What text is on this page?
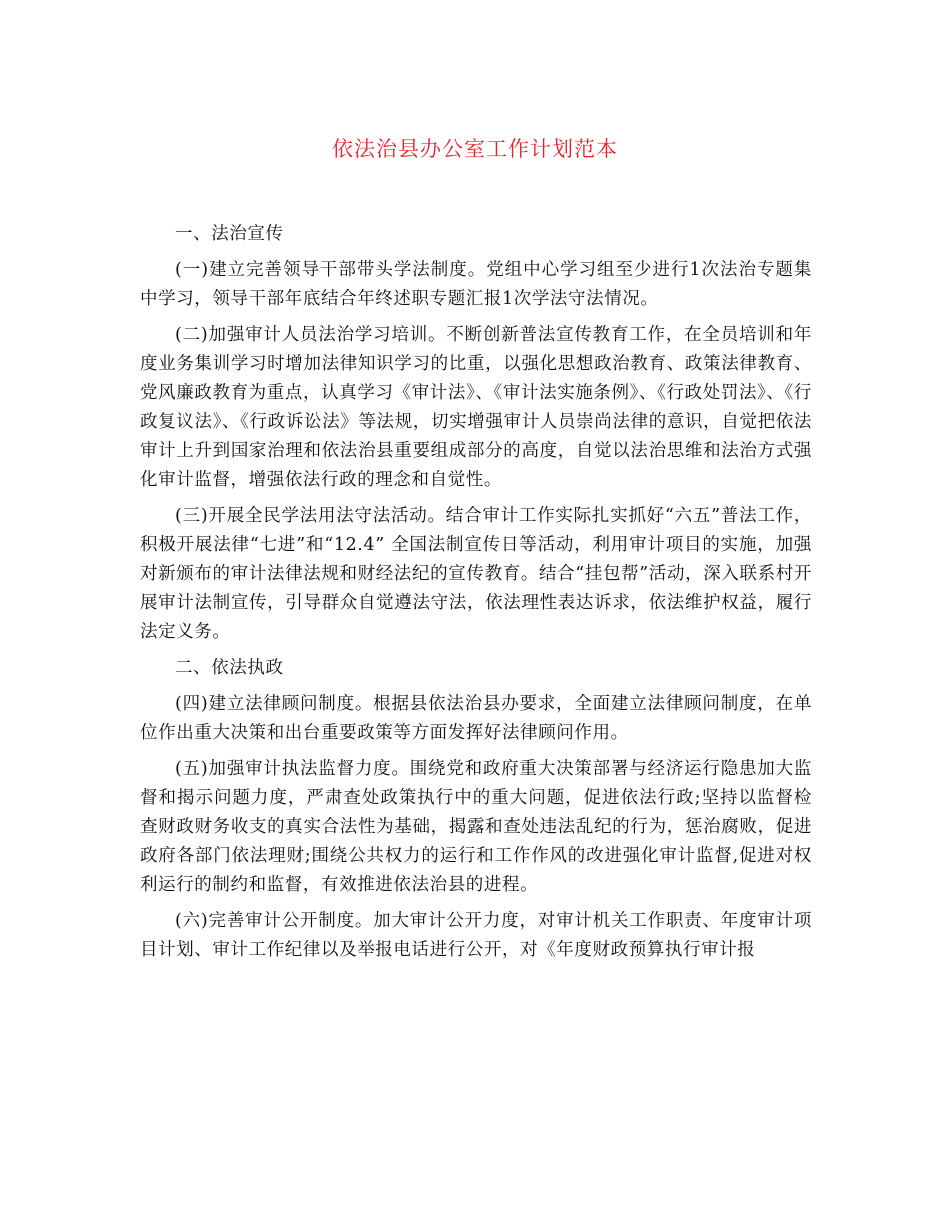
依法治县办公室工作计划范本

一、法治宣传

(一)建立完善领导干部带头学法制度。党组中心学习组至少进行1次法治专题集中学习，领导干部年底结合年终述职专题汇报1次学法守法情况。

(二)加强审计人员法治学习培训。不断创新普法宣传教育工作，在全员培训和年度业务集训学习时增加法律知识学习的比重，以强化思想政治教育、政策法律教育、党风廉政教育为重点，认真学习《审计法》、《审计法实施条例》、《行政处罚法》、《行政复议法》、《行政诉讼法》等法规，切实增强审计人员崇尚法律的意识，自觉把依法审计上升到国家治理和依法治县重要组成部分的高度，自觉以法治思维和法治方式强化审计监督，增强依法行政的理念和自觉性。

(三)开展全民学法用法守法活动。结合审计工作实际扎实抓好“六五”普法工作，积极开展法律“七进”和“12.4” 全国法制宣传日等活动，利用审计项目的实施，加强对新颁布的审计法律法规和财经法纪的宣传教育。结合“挂包帮”活动，深入联系村开展审计法制宣传，引导群众自觉遵法守法，依法理性表达诉求，依法维护权益，履行法定义务。

二、依法执政

(四)建立法律顾问制度。根据县依法治县办要求，全面建立法律顾问制度，在单位作出重大决策和出台重要政策等方面发挥好法律顾问作用。

(五)加强审计执法监督力度。围绕党和政府重大决策部署与经济运行隐患加大监督和揭示问题力度，严肃查处政策执行中的重大问题，促进依法行政;坚持以监督检查财政财务收支的真实合法性为基础，揭露和查处违法乱纪的行为，惩治腐败，促进政府各部门依法理财;围绕公共权力的运行和工作作风的改进强化审计监督,促进对权利运行的制约和监督，有效推进依法治县的进程。

(六)完善审计公开制度。加大审计公开力度，对审计机关工作职责、年度审计项目计划、审计工作纪律以及举报电话进行公开，对《年度财政预算执行审计报
